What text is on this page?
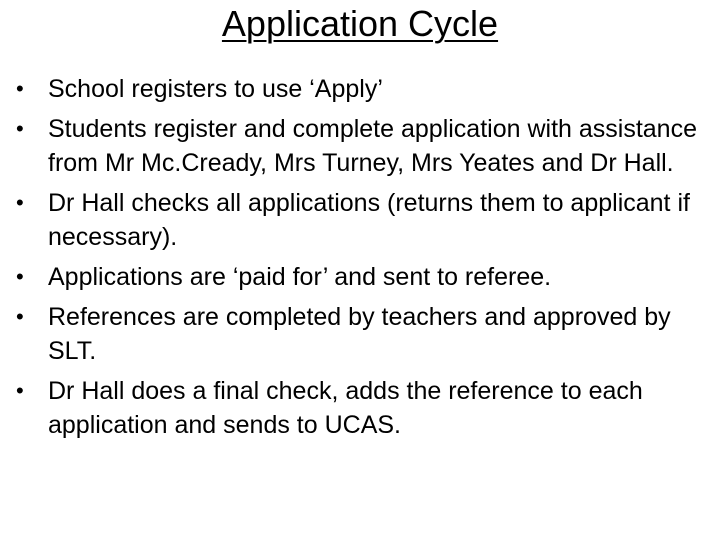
Application Cycle
• School registers to use ‘Apply’
• Students register and complete application with assistance from Mr Mc.Cready, Mrs Turney, Mrs Yeates and Dr Hall.
• Dr Hall checks all applications (returns them to applicant if necessary).
• Applications are ‘paid for’ and sent to referee.
• References are completed by teachers and approved by SLT.
• Dr Hall does a final check, adds the reference to each application and sends to UCAS.
